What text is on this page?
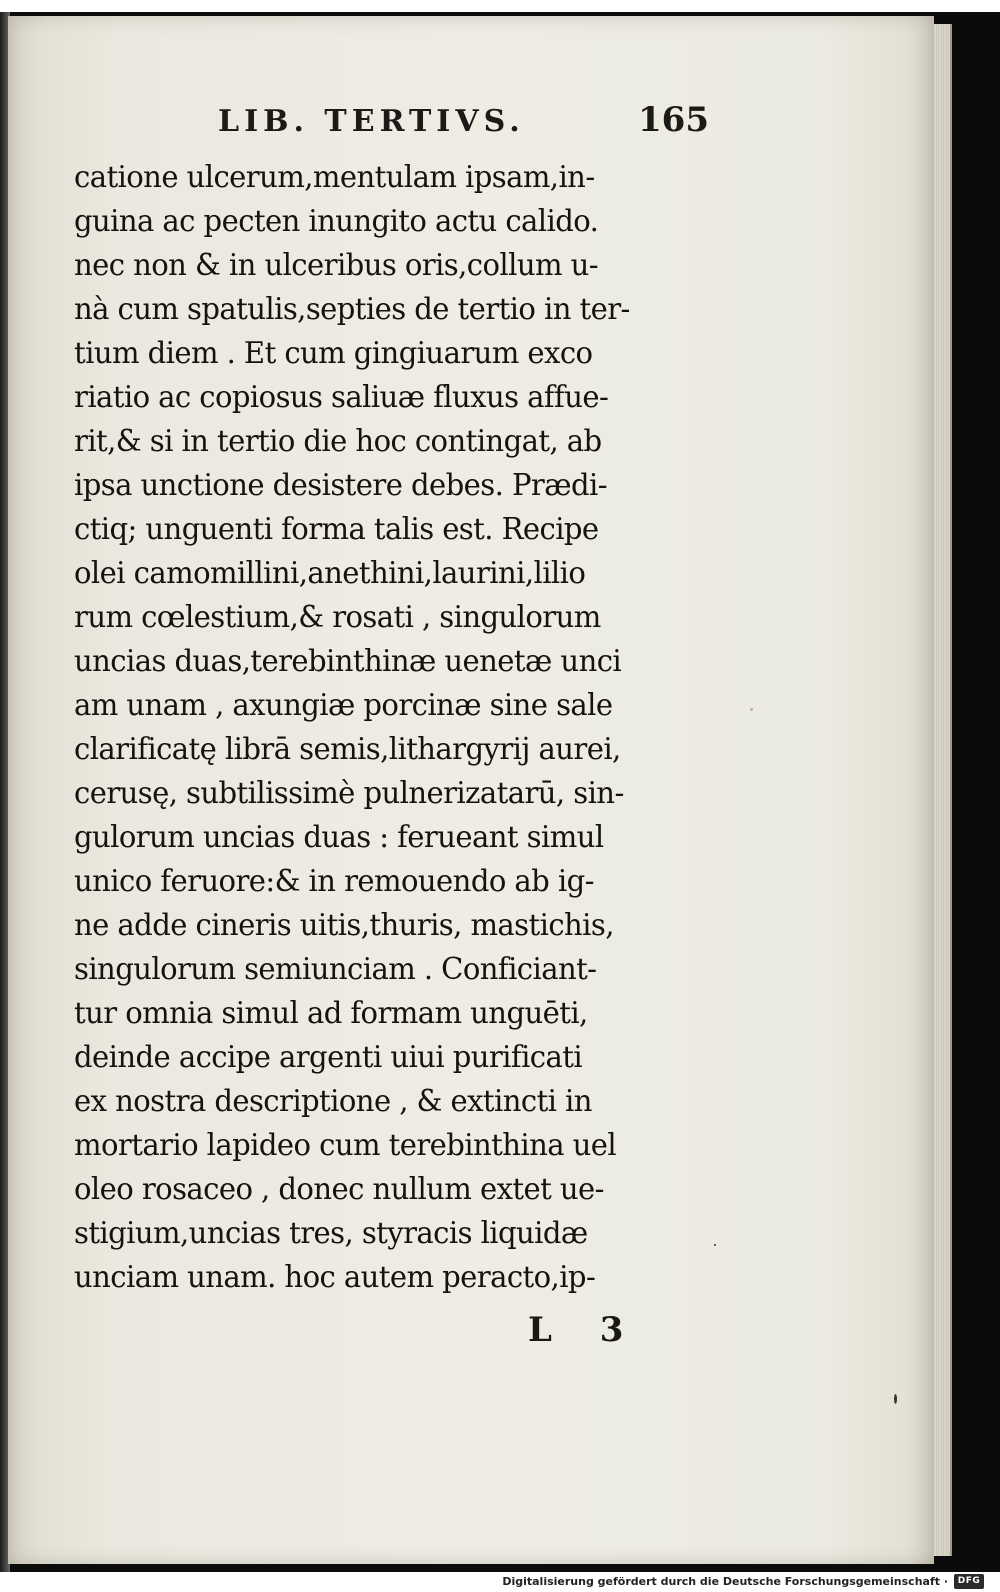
LIB. TERTIVS.	165
catione ulcerum,mentulam ipsam,in-
guina ac pecten inungito actu calido.
nec non & in ulceribus oris,collum u-
nà cum spatulis,septies de tertio in ter-
tium diem . Et cum gingiuarum exco
riatio ac copiosus saliuæ fluxus affue-
rit,& si in tertio die hoc contingat, ab
ipsa unctione desistere debes. Prædi-
ctiq; unguenti forma talis est. Recipe
olei camomillini,anethini,laurini,lilio
rum cœlestium,& rosati , singulorum
uncias duas,terebinthinæ uenetæ unci
am unam , axungiæ porcinæ sine sale
clarificatę librā semis,lithargyrij aurei,
cerusę, subtilissimè pulnerizatarū, sin-
gulorum uncias duas : ferueant simul
unico feruore:& in remouendo ab ig-
ne adde cineris uitis,thuris, mastichis,
singulorum semiunciam . Conficiant-
tur omnia simul ad formam unguēti,
deinde accipe argenti uiui purificati
ex nostra descriptione , & extincti in
mortario lapideo cum terebinthina uel
oleo rosaceo , donec nullum extet ue-
stigium,uncias tres, styracis liquidæ
unciam unam. hoc autem peracto,ip-
L 3
Digitalisierung gefördert durch die Deutsche Forschungsgemeinschaft ·	DFG
